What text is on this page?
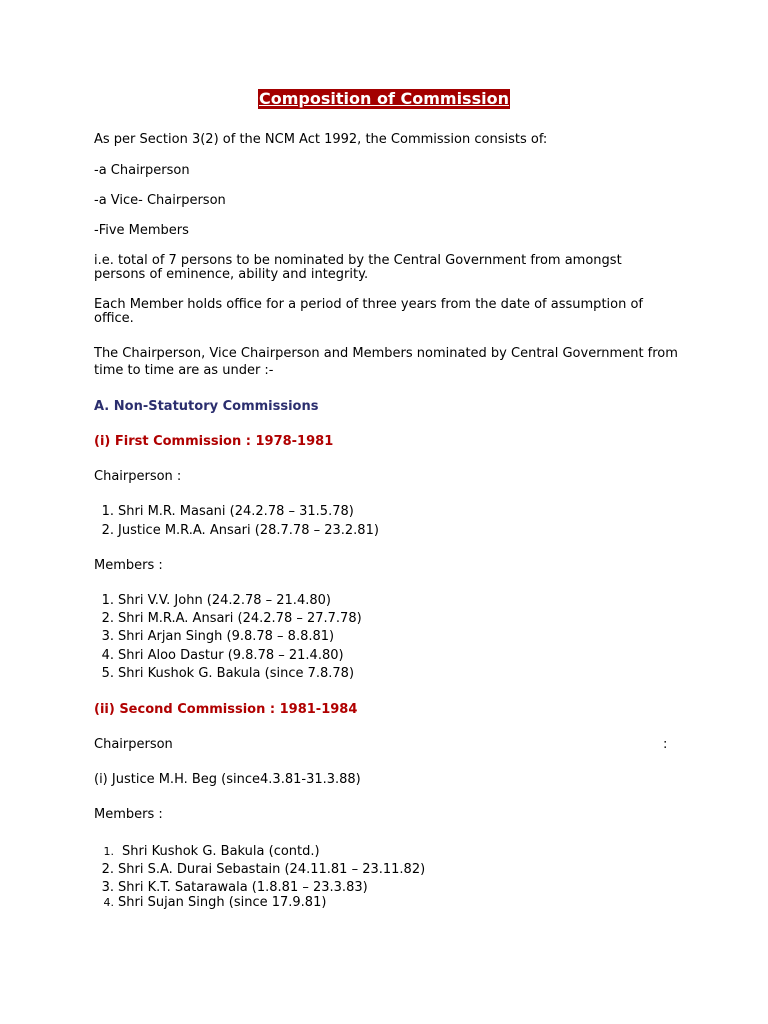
Composition of Commission
As per Section 3(2) of the NCM Act 1992, the Commission consists of:
-a Chairperson
-a Vice- Chairperson
-Five Members
i.e. total of 7 persons to be nominated by the Central Government from amongst
persons of eminence, ability and integrity.
Each Member holds office for a period of three years from the date of assumption of
office.
The Chairperson, Vice Chairperson and Members nominated by Central Government from
time to time are as under :-
A. Non-Statutory Commissions
(i) First Commission : 1978-1981
Chairperson :
1. Shri M.R. Masani (24.2.78 – 31.5.78)
2. Justice M.R.A. Ansari (28.7.78 – 23.2.81)
Members :
1. Shri V.V. John (24.2.78 – 21.4.80)
2. Shri M.R.A. Ansari (24.2.78 – 27.7.78)
3. Shri Arjan Singh (9.8.78 – 8.8.81)
4. Shri Aloo Dastur (9.8.78 – 21.4.80)
5. Shri Kushok G. Bakula (since 7.8.78)
(ii) Second Commission : 1981-1984
Chairperson	:
(i) Justice M.H. Beg (since4.3.81-31.3.88)
Members :
1. Shri Kushok G. Bakula (contd.)
2. Shri S.A. Durai Sebastain (24.11.81 – 23.11.82)
3. Shri K.T. Satarawala (1.8.81 – 23.3.83)
4. Shri Sujan Singh (since 17.9.81)
